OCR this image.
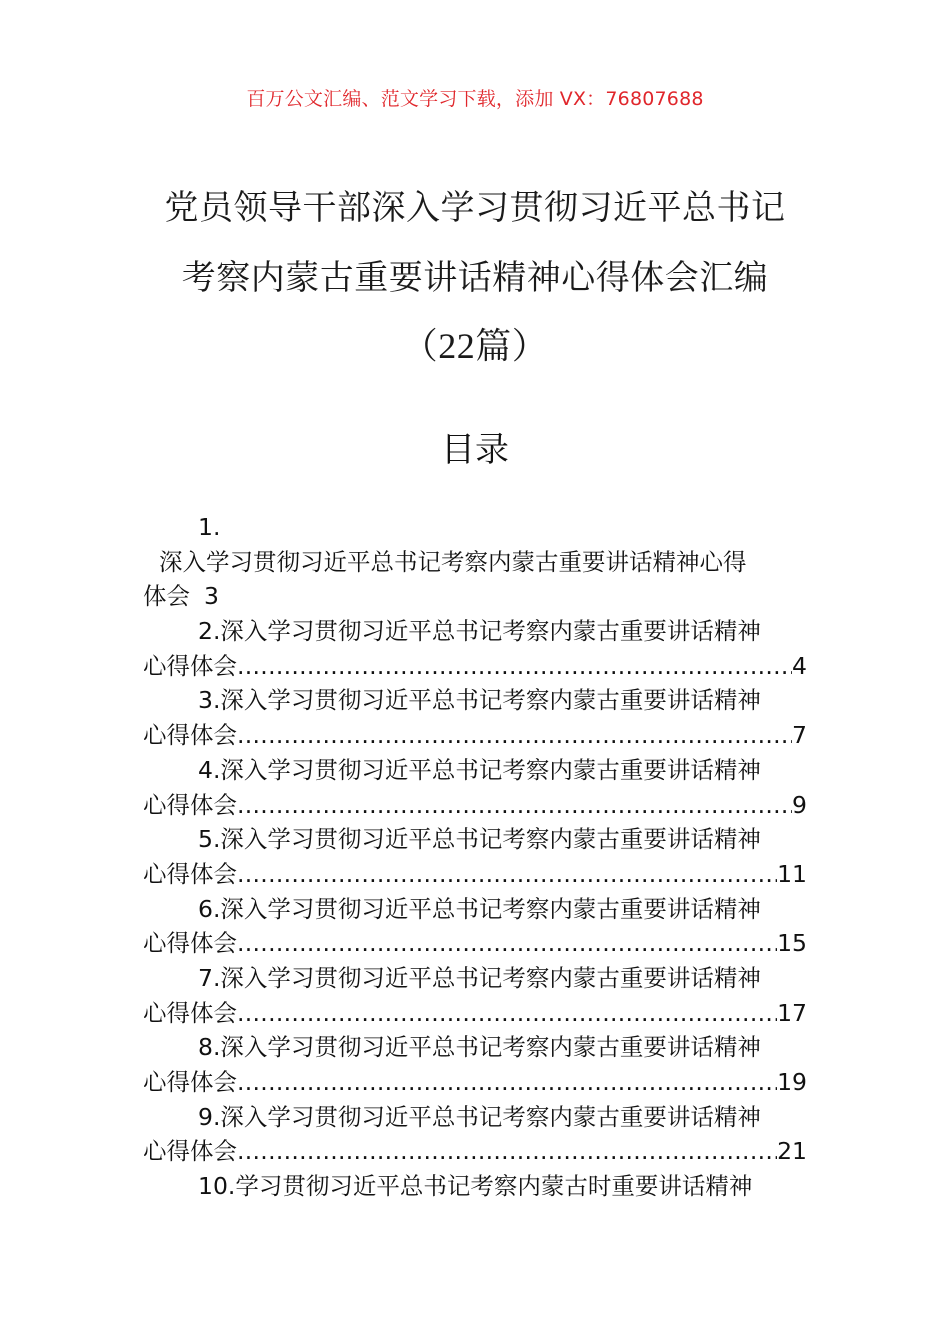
百万公文汇编、范文学习下载，添加 VX：76807688
党员领导干部深入学习贯彻习近平总书记
考察内蒙古重要讲话精神心得体会汇编
（22篇）
目录
1.
深入学习贯彻习近平总书记考察内蒙古重要讲话精神心得
体会 3
2.深入学习贯彻习近平总书记考察内蒙古重要讲话精神
心得体会 .....	4
3.深入学习贯彻习近平总书记考察内蒙古重要讲话精神
心得体会 .....	7
4.深入学习贯彻习近平总书记考察内蒙古重要讲话精神
心得体会 .....	9
5.深入学习贯彻习近平总书记考察内蒙古重要讲话精神
心得体会 .....	11
6.深入学习贯彻习近平总书记考察内蒙古重要讲话精神
心得体会 .....	15
7.深入学习贯彻习近平总书记考察内蒙古重要讲话精神
心得体会 .....	17
8.深入学习贯彻习近平总书记考察内蒙古重要讲话精神
心得体会 .....	19
9.深入学习贯彻习近平总书记考察内蒙古重要讲话精神
心得体会 .....	21
10.学习贯彻习近平总书记考察内蒙古时重要讲话精神
